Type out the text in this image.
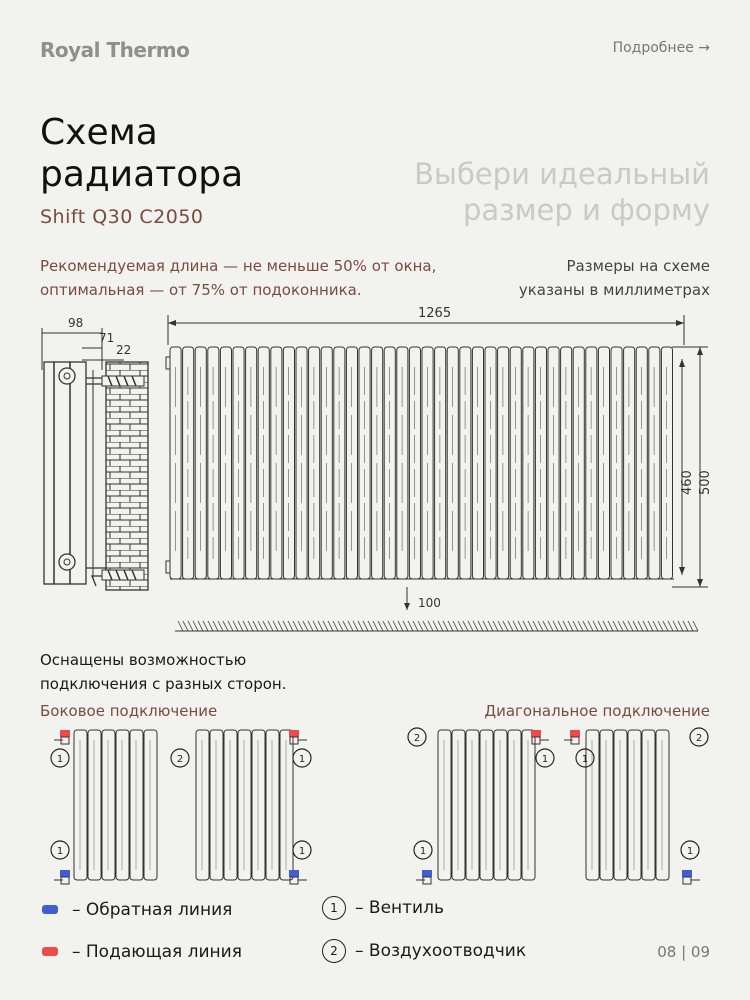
Royal Thermo	Подробнее →
Схема
радиатора
Shift Q30 C2050
Выбери идеальный
размер и форму
Рекомендуемая длина — не меньше 50% от окна,
оптимальная — от 75% от подоконника.
Размеры на схеме
указаны в миллиметрах
98
71
22
1265
460 500
100
Оснащены возможностью
подключения с разных сторон.
Боковое подключение	Диагональное подключение
1
1
2	1
1
2
1
1
2
1
1
– Обратная линия
– Подающая линия
1	– Вентиль
2	– Воздухоотводчик	08 | 09
